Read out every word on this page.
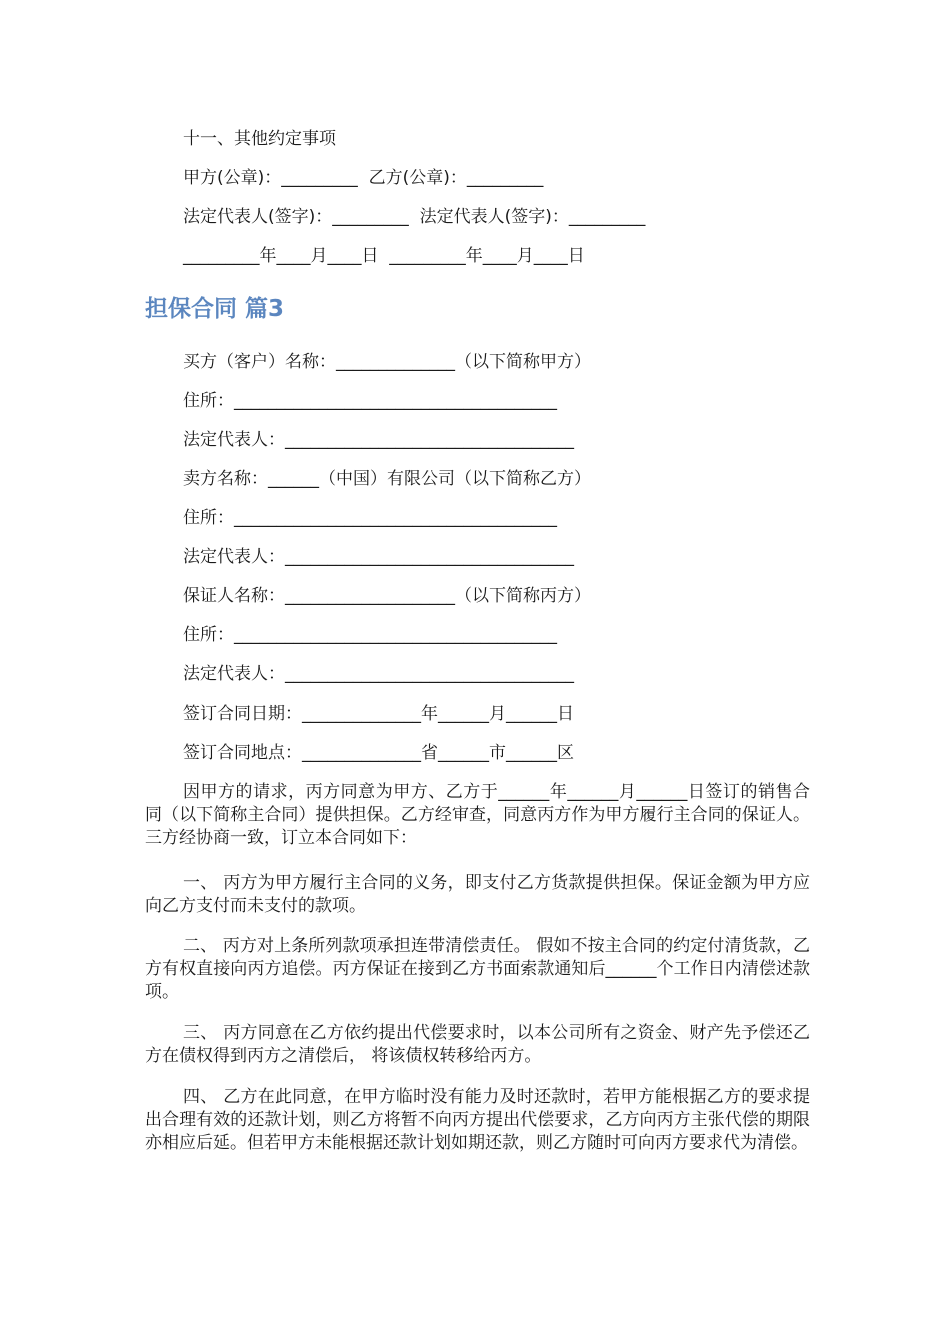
十一、其他约定事项
甲方(公章)：_________  乙方(公章)：_________
法定代表人(签字)：_________  法定代表人(签字)：_________
_________年____月____日  _________年____月____日
担保合同 篇3
买方（客户）名称：______________（以下简称甲方）
住所：______________________________________
法定代表人：__________________________________
卖方名称：______（中国）有限公司（以下简称乙方）
住所：______________________________________
法定代表人：__________________________________
保证人名称：____________________（以下简称丙方）
住所：______________________________________
法定代表人：__________________________________
签订合同日期：______________年______月______日
签订合同地点：______________省______市______区
因甲方的请求，丙方同意为甲方、乙方于______年______月______日签订的销售合同（以下简称主合同）提供担保。乙方经审查，同意丙方作为甲方履行主合同的保证人。三方经协商一致，订立本合同如下：
一、 丙方为甲方履行主合同的义务，即支付乙方货款提供担保。保证金额为甲方应向乙方支付而未支付的款项。
二、 丙方对上条所列款项承担连带清偿责任。 假如不按主合同的约定付清货款，乙方有权直接向丙方追偿。丙方保证在接到乙方书面索款通知后______个工作日内清偿述款项。
三、 丙方同意在乙方依约提出代偿要求时，以本公司所有之资金、财产先予偿还乙方在债权得到丙方之清偿后， 将该债权转移给丙方。
四、 乙方在此同意，在甲方临时没有能力及时还款时，若甲方能根据乙方的要求提出合理有效的还款计划，则乙方将暂不向丙方提出代偿要求，乙方向丙方主张代偿的期限亦相应后延。但若甲方未能根据还款计划如期还款，则乙方随时可向丙方要求代为清偿。
